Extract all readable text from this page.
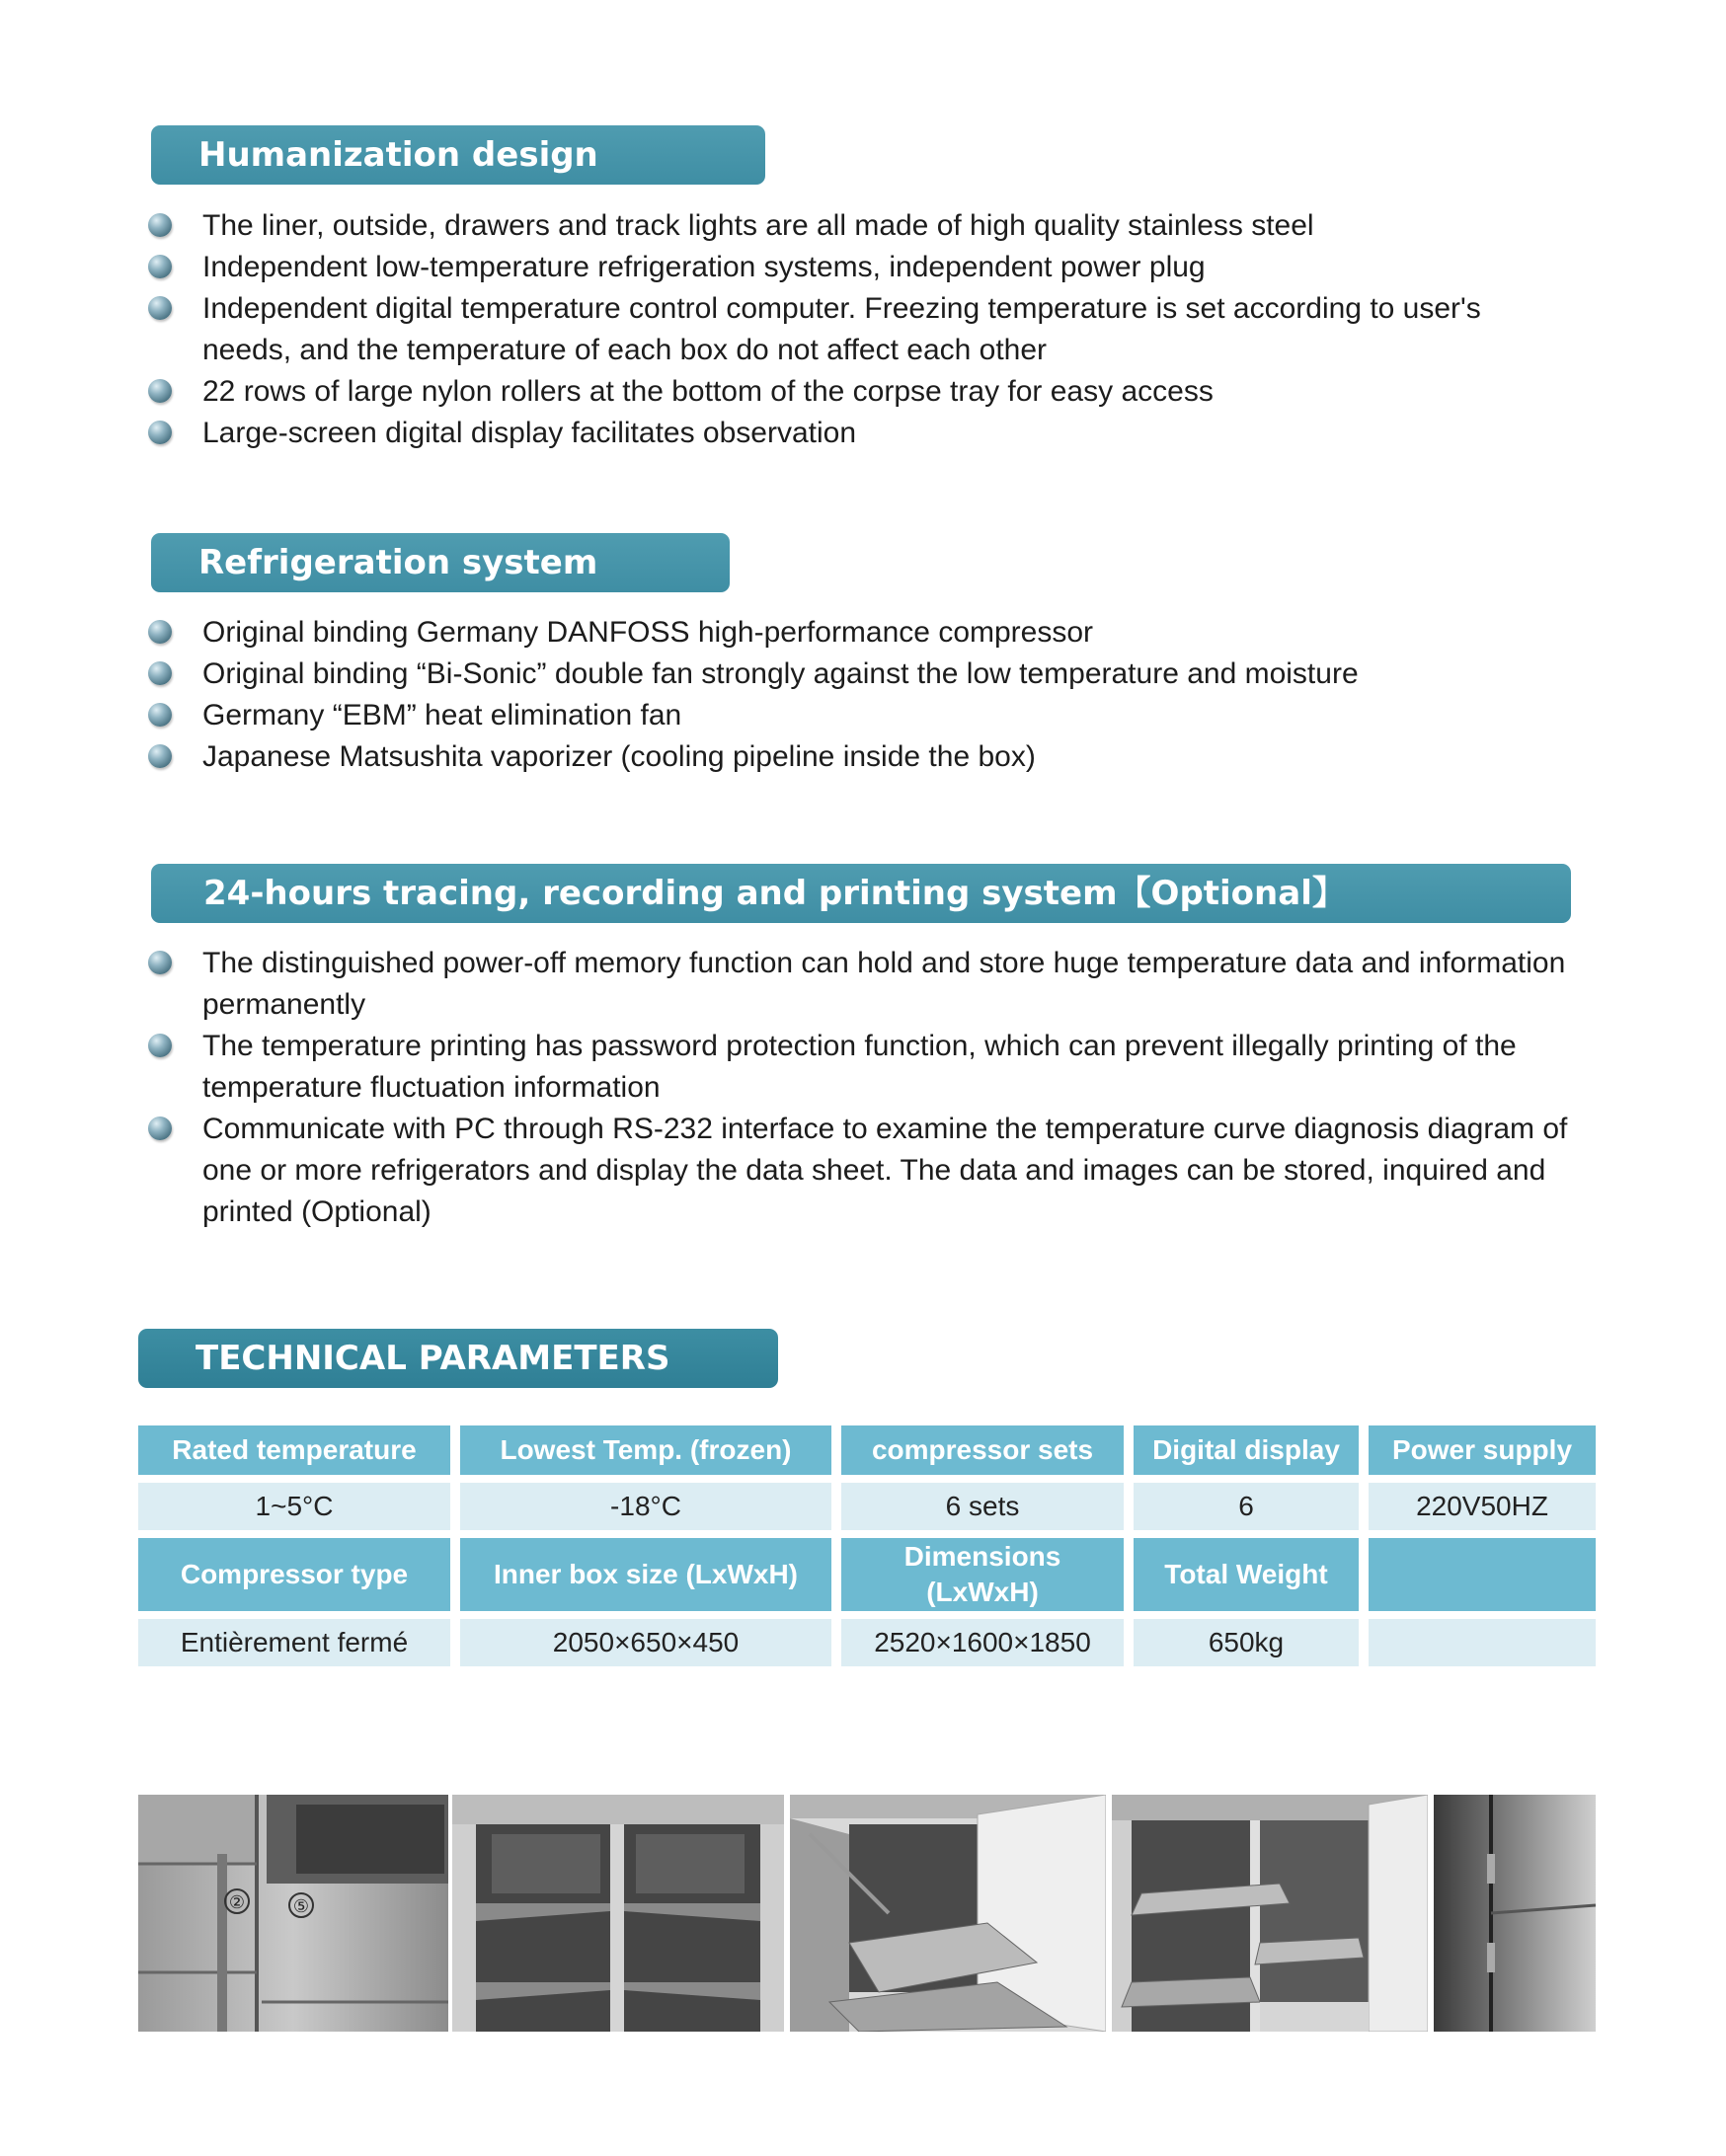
Humanization design
The liner, outside, drawers and track lights are all made of high quality stainless steel
Independent low-temperature refrigeration systems, independent power plug
Independent digital temperature control computer. Freezing temperature is set according to user's needs, and the temperature of each box do not affect each other
22 rows of large nylon rollers at the bottom of the corpse tray for easy access
Large-screen digital display facilitates observation
Refrigeration system
Original binding Germany DANFOSS high-performance compressor
Original binding “Bi-Sonic” double fan strongly against the low temperature and moisture
Germany “EBM” heat elimination fan
Japanese Matsushita vaporizer (cooling pipeline inside the box)
24-hours tracing, recording and printing system【Optional】
The distinguished power-off memory function can hold and store huge temperature data and information permanently
The temperature printing has password protection function, which can prevent illegally printing of the temperature fluctuation information
Communicate with PC through RS-232 interface to examine the temperature curve diagnosis diagram of one or more refrigerators and display the data sheet. The data and images can be stored, inquired and printed (Optional)
TECHNICAL PARAMETERS
Rated temperature	Lowest Temp. (frozen)	compressor sets	Digital display	Power supply
1~5°C	-18°C	6 sets	6	220V50HZ
Compressor type	Inner box size (LxWxH)	Dimensions (LxWxH)	Total Weight	
Entièrement fermé	2050×650×450	2520×1600×1850	650kg	
②	⑤
